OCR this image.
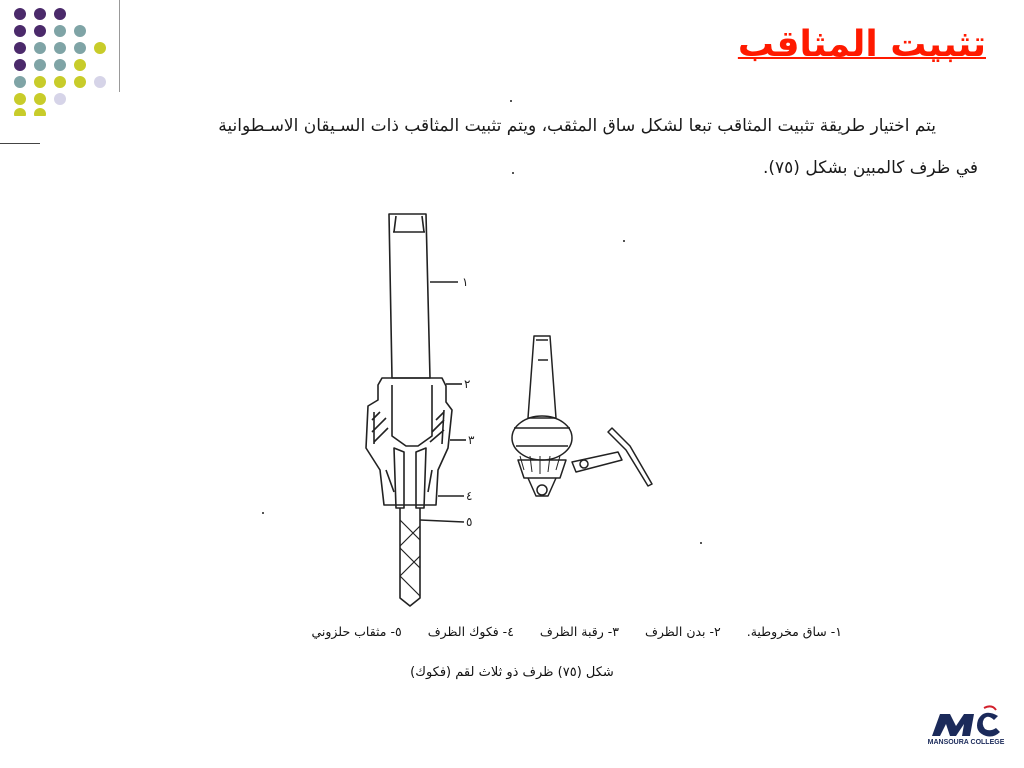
تثبيت المثاقب
يتم اختيار طريقة تثبيت المثاقب تبعا لشكل ساق المثقب، ويتم تثبيت المثاقب ذات السـيقان الاسـطوانية
في ظرف كالمبين بشكل (٧٥).
١
٢
٣
٤
٥
١- ساق مخروطية. ٢- بدن الظرف ٣- رقبة الظرف ٤- فكوك الظرف ٥- مثقاب حلزوني
شكل (٧٥) ظرف ذو ثلاث لقم (فكوك)
MANSOURA COLLEGE
